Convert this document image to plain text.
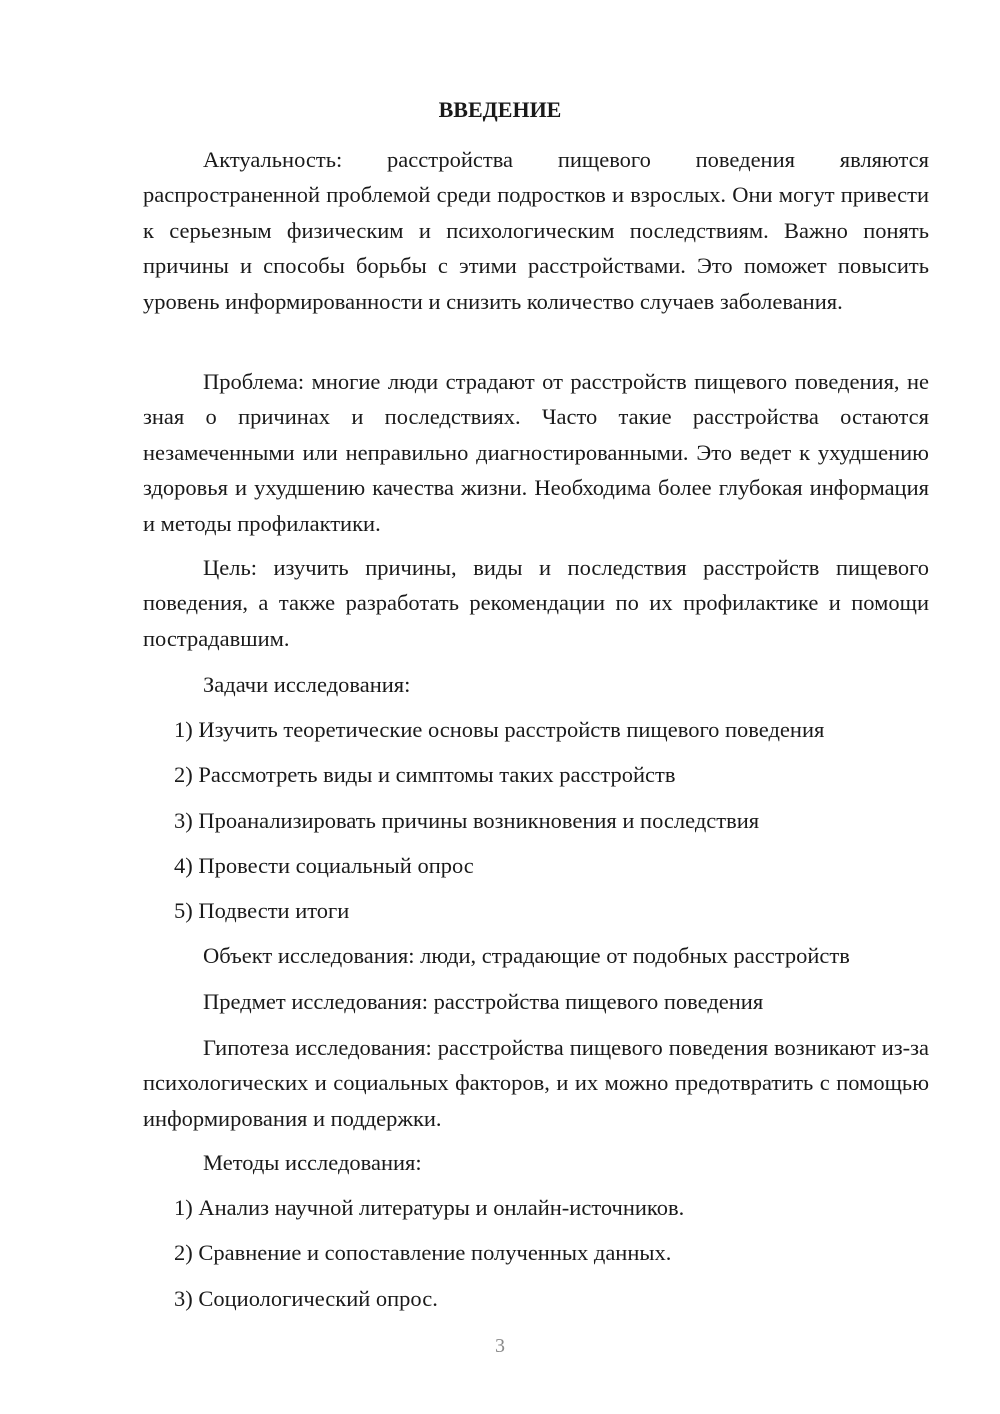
ВВЕДЕНИЕ

Актуальность: расстройства пищевого поведения являются распространенной проблемой среди подростков и взрослых. Они могут привести к серьезным физическим и психологическим последствиям. Важно понять причины и способы борьбы с этими расстройствами. Это поможет повысить уровень информированности и снизить количество случаев заболевания.

Проблема: многие люди страдают от расстройств пищевого поведения, не зная о причинах и последствиях. Часто такие расстройства остаются незамеченными или неправильно диагностированными. Это ведет к ухудшению здоровья и ухудшению качества жизни. Необходима более глубокая информация и методы профилактики.

Цель: изучить причины, виды и последствия расстройств пищевого поведения, а также разработать рекомендации по их профилактике и помощи пострадавшим.

Задачи исследования:

1) Изучить теоретические основы расстройств пищевого поведения

2) Рассмотреть виды и симптомы таких расстройств

3) Проанализировать причины возникновения и последствия

4) Провести социальный опрос

5) Подвести итоги

Объект исследования: люди, страдающие от подобных расстройств

Предмет исследования: расстройства пищевого поведения

Гипотеза исследования: расстройства пищевого поведения возникают из-за психологических и социальных факторов, и их можно предотвратить с помощью информирования и поддержки.

Методы исследования:

1) Анализ научной литературы и онлайн-источников.

2) Сравнение и сопоставление полученных данных.

3) Социологический опрос.

3
